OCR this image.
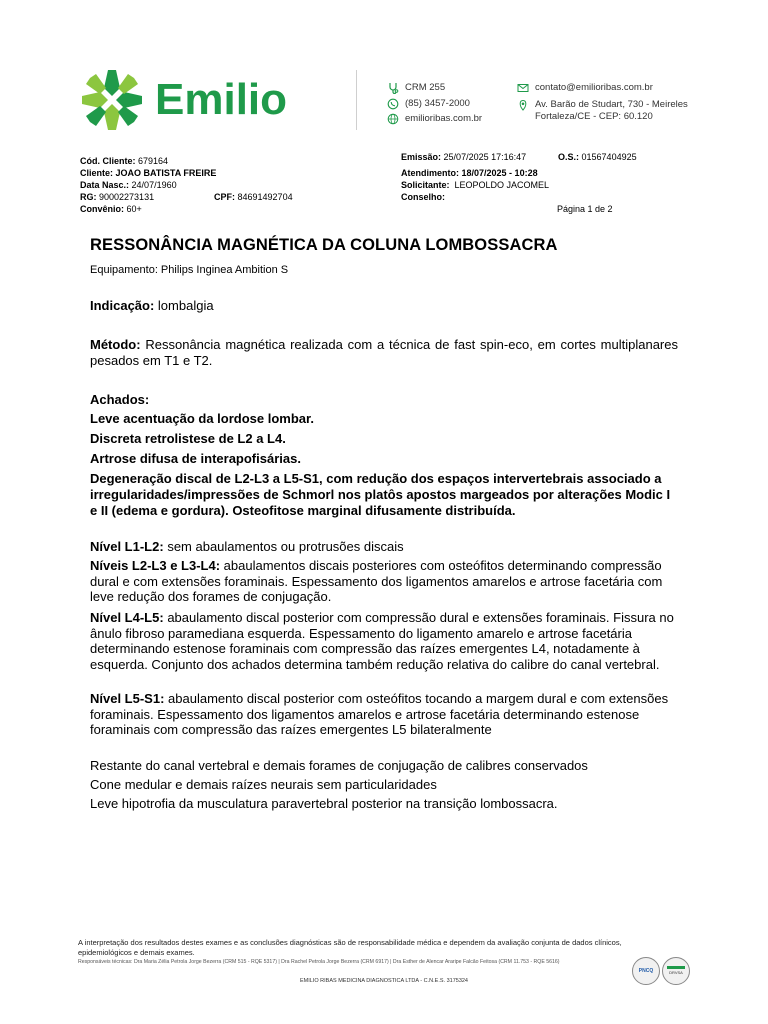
Emilio	CRM 255
(85) 3457-2000
emilioribas.com.br
contato@emilioribas.com.br
Av. Barão de Studart, 730 - Meireles
Fortaleza/CE - CEP: 60.120
Cód. Cliente: 679164
Cliente: JOAO BATISTA FREIRE
Data Nasc.: 24/07/1960
RG: 90002273131	CPF: 84691492704
Convênio: 60+
Emissão: 25/07/2025 17:16:47	O.S.: 01567404925
Atendimento: 18/07/2025 - 10:28
Solicitante: LEOPOLDO JACOMEL
Conselho:
Página 1 de 2
RESSONÂNCIA MAGNÉTICA DA COLUNA LOMBOSSACRA
Equipamento: Philips Inginea Ambition S
Indicação: lombalgia
Método: Ressonância magnética realizada com a técnica de fast spin-eco, em cortes multiplanares pesados em T1 e T2.
Achados:
Leve acentuação da lordose lombar.
Discreta retrolistese de L2 a L4.
Artrose difusa de interapofisárias.
Degeneração discal de L2-L3 a L5-S1, com redução dos espaços intervertebrais associado a irregularidades/impressões de Schmorl nos platôs apostos margeados por alterações Modic I e II (edema e gordura). Osteofitose marginal difusamente distribuída.
Nível L1-L2: sem abaulamentos ou protrusões discais
Níveis L2-L3 e L3-L4: abaulamentos discais posteriores com osteófitos determinando compressão dural e com extensões foraminais. Espessamento dos ligamentos amarelos e artrose facetária com leve redução dos forames de conjugação.
Nível L4-L5: abaulamento discal posterior com compressão dural e extensões foraminais. Fissura no ânulo fibroso paramediana esquerda. Espessamento do ligamento amarelo e artrose facetária determinando estenose foraminais com compressão das raízes emergentes L4, notadamente à esquerda. Conjunto dos achados determina também redução relativa do calibre do canal vertebral.
Nível L5-S1: abaulamento discal posterior com osteófitos tocando a margem dural e com extensões foraminais. Espessamento dos ligamentos amarelos e artrose facetária determinando estenose foraminais com compressão das raízes emergentes L5 bilateralmente
Restante do canal vertebral e demais forames de conjugação de calibres conservados
Cone medular e demais raízes neurais sem particularidades
Leve hipotrofia da musculatura paravertebral posterior na transição lombossacra.
A interpretação dos resultados destes exames e as conclusões diagnósticas são de responsabilidade médica e dependem da avaliação conjunta de dados clínicos, epidemiológicos e demais exames.
Responsáveis técnicas: Dra Maria Zélia Petrola Jorge Bezerra (CRM 515 - RQE 5317) | Dra Rachel Petrola Jorge Bezerra (CRM 6917) | Dra Esther de Alencar Araripe Falcão Feitosa (CRM 11.753 - RQE 5616)
PNCQ	DRVSA
EMILIO RIBAS MEDICINA DIAGNOSTICA LTDA - C.N.E.S. 3175324
